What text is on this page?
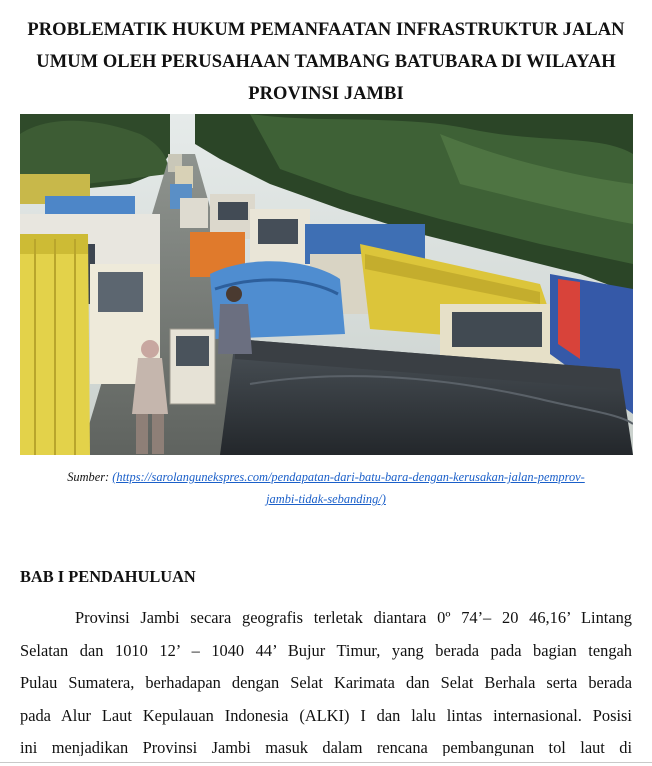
PROBLEMATIK HUKUM PEMANFAATAN INFRASTRUKTUR JALAN
UMUM OLEH PERUSAHAAN TAMBANG BATUBARA DI WILAYAH
PROVINSI JAMBI
Sumber: (https://sarolangunekspres.com/pendapatan-dari-batu-bara-dengan-kerusakan-jalan-pemprov-
jambi-tidak-sebanding/)
BAB I PENDAHULUAN
Provinsi Jambi secara geografis terletak diantara 0º 74’– 20 46,16’ Lintang
Selatan dan 1010 12’ – 1040 44’ Bujur Timur, yang berada pada bagian tengah
Pulau Sumatera, berhadapan dengan Selat Karimata dan Selat Berhala serta berada
pada Alur Laut Kepulauan Indonesia (ALKI) I dan lalu lintas internasional. Posisi
ini menjadikan Provinsi Jambi masuk dalam rencana pembangunan tol laut di
